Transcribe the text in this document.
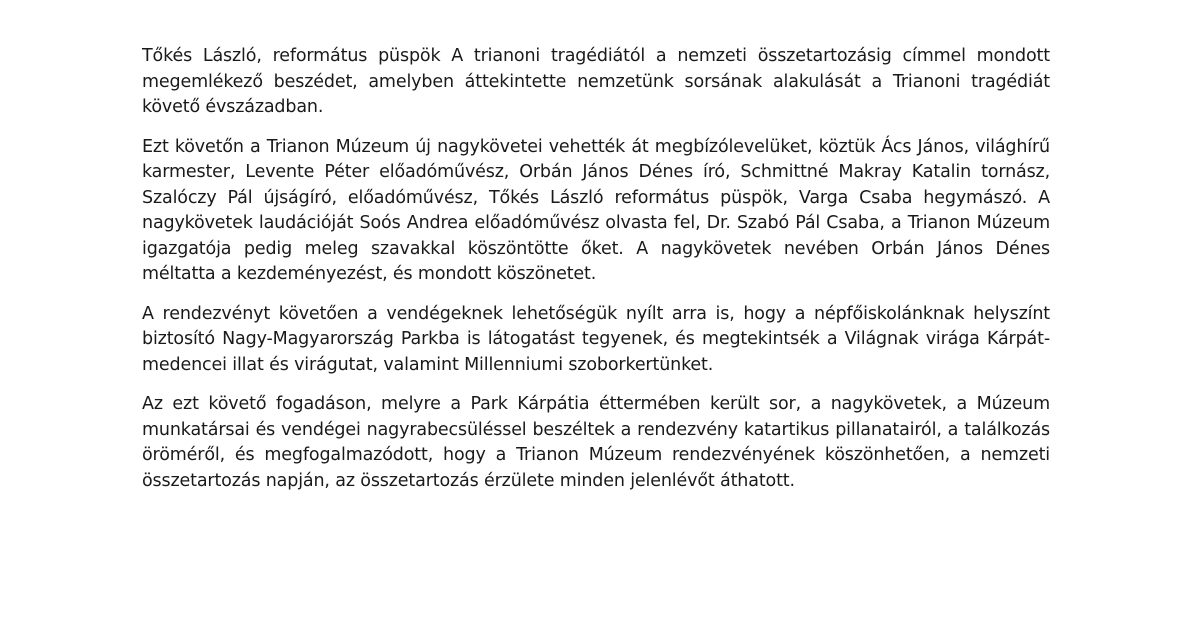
Tőkés László, református püspök A trianoni tragédiától a nemzeti összetartozásig címmel mondott megemlékező beszédet, amelyben áttekintette nemzetünk sorsának alakulását a Trianoni tragédiát követő évszázadban.

Ezt követőn a Trianon Múzeum új nagykövetei vehették át megbízólevelüket, köztük Ács János, világhírű karmester, Levente Péter előadóművész, Orbán János Dénes író, Schmittné Makray Katalin tornász, Szalóczy Pál újságíró, előadóművész, Tőkés László református püspök, Varga Csaba hegymászó. A nagykövetek laudációját Soós Andrea előadóművész olvasta fel, Dr. Szabó Pál Csaba, a Trianon Múzeum igazgatója pedig meleg szavakkal köszöntötte őket. A nagykövetek nevében Orbán János Dénes méltatta a kezdeményezést, és mondott köszönetet.

A rendezvényt követően a vendégeknek lehetőségük nyílt arra is, hogy a népfőiskolánknak helyszínt biztosító Nagy-Magyarország Parkba is látogatást tegyenek, és megtekintsék a Világnak virága Kárpát-medencei illat és virágutat, valamint Millenniumi szoborkertünket.

Az ezt követő fogadáson, melyre a Park Kárpátia éttermében került sor, a nagykövetek, a Múzeum munkatársai és vendégei nagyrabecsüléssel beszéltek a rendezvény katartikus pillanatairól, a találkozás öröméről, és megfogalmazódott, hogy a Trianon Múzeum rendezvényének köszönhetően, a nemzeti összetartozás napján, az összetartozás érzülete minden jelenlévőt áthatott.
